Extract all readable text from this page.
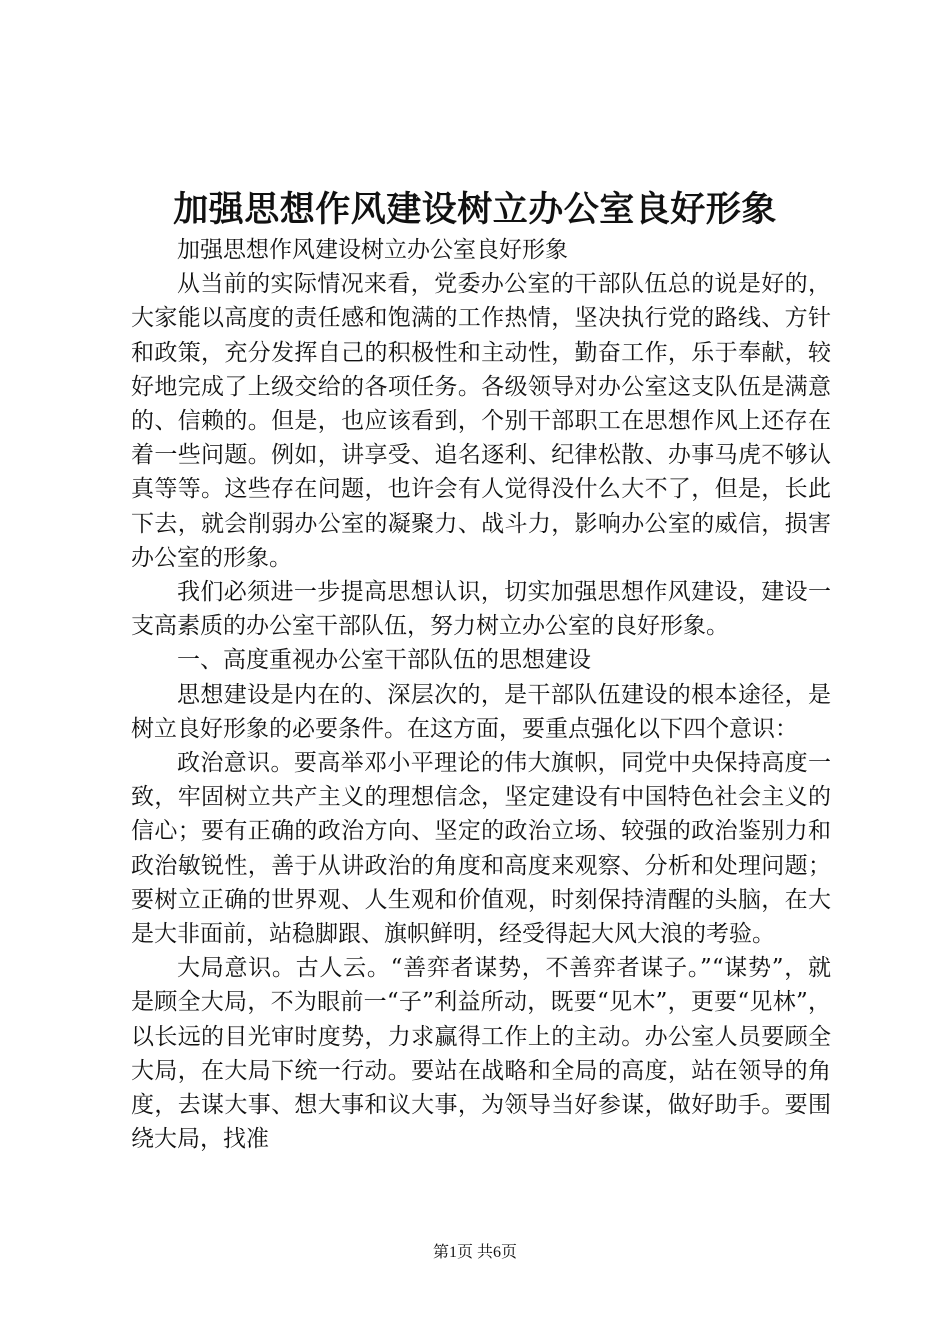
加强思想作风建设树立办公室良好形象

加强思想作风建设树立办公室良好形象

从当前的实际情况来看，党委办公室的干部队伍总的说是好的，大家能以高度的责任感和饱满的工作热情，坚决执行党的路线、方针和政策，充分发挥自己的积极性和主动性，勤奋工作，乐于奉献，较好地完成了上级交给的各项任务。各级领导对办公室这支队伍是满意的、信赖的。但是，也应该看到，个别干部职工在思想作风上还存在着一些问题。例如，讲享受、追名逐利、纪律松散、办事马虎不够认真等等。这些存在问题，也许会有人觉得没什么大不了，但是，长此下去，就会削弱办公室的凝聚力、战斗力，影响办公室的威信，损害办公室的形象。

我们必须进一步提高思想认识，切实加强思想作风建设，建设一支高素质的办公室干部队伍，努力树立办公室的良好形象。

一、高度重视办公室干部队伍的思想建设

思想建设是内在的、深层次的，是干部队伍建设的根本途径，是树立良好形象的必要条件。在这方面，要重点强化以下四个意识：

政治意识。要高举邓小平理论的伟大旗帜，同党中央保持高度一致，牢固树立共产主义的理想信念，坚定建设有中国特色社会主义的信心；要有正确的政治方向、坚定的政治立场、较强的政治鉴别力和政治敏锐性，善于从讲政治的角度和高度来观察、分析和处理问题；要树立正确的世界观、人生观和价值观，时刻保持清醒的头脑，在大是大非面前，站稳脚跟、旗帜鲜明，经受得起大风大浪的考验。

大局意识。古人云。“善弈者谋势，不善弈者谋子。”“谋势”，就是顾全大局，不为眼前一“子”利益所动，既要“见木”，更要“见林”，以长远的目光审时度势，力求赢得工作上的主动。办公室人员要顾全大局，在大局下统一行动。要站在战略和全局的高度，站在领导的角度，去谋大事、想大事和议大事，为领导当好参谋，做好助手。要围绕大局，找准

第1页 共6页
